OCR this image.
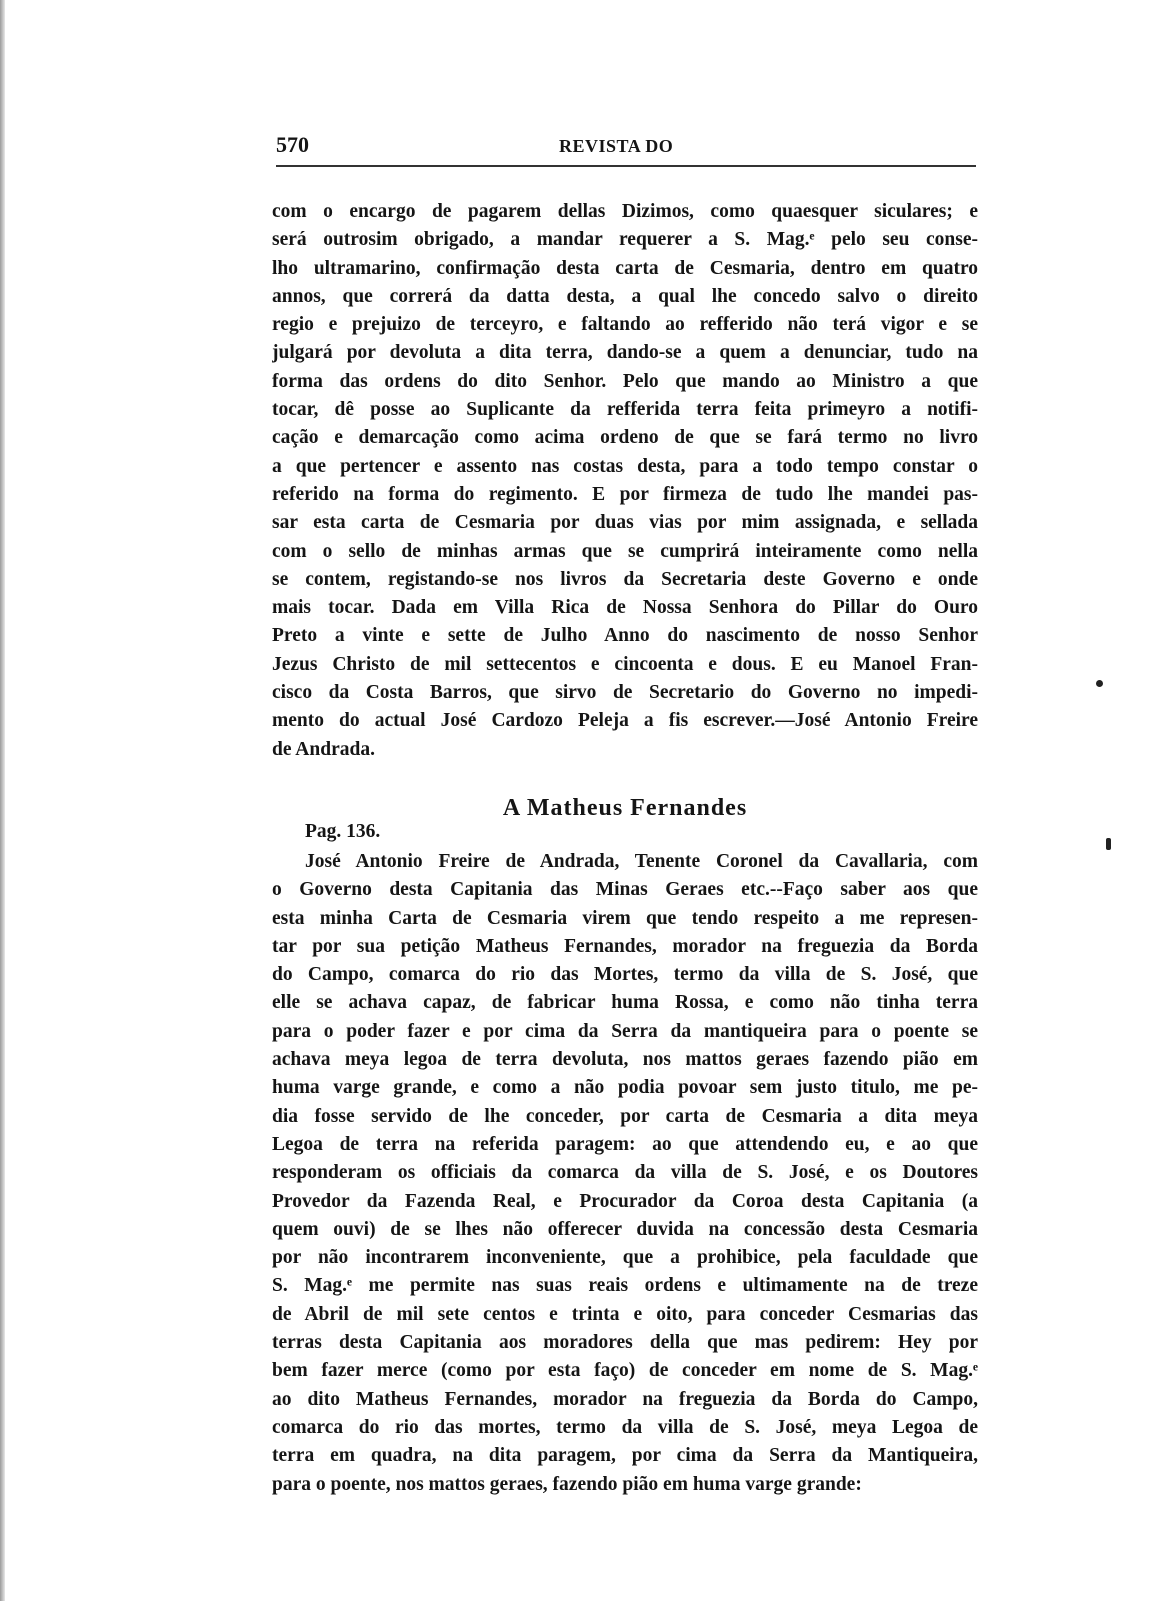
570	REVISTA DO
com o encargo de pagarem dellas Dizimos, como quaesquer siculares; e
será outrosim obrigado, a mandar requerer a S. Mag.ᵉ pelo seu conse-
lho ultramarino, confirmação desta carta de Cesmaria, dentro em quatro
annos, que correrá da datta desta, a qual lhe concedo salvo o direito
regio e prejuizo de terceyro, e faltando ao refferido não terá vigor e se
julgará por devoluta a dita terra, dando-se a quem a denunciar, tudo na
forma das ordens do dito Senhor. Pelo que mando ao Ministro a que
tocar, dê posse ao Suplicante da refferida terra feita primeyro a notifi-
cação e demarcação como acima ordeno de que se fará termo no livro
a que pertencer e assento nas costas desta, para a todo tempo constar o
referido na forma do regimento. E por firmeza de tudo lhe mandei pas-
sar esta carta de Cesmaria por duas vias por mim assignada, e sellada
com o sello de minhas armas que se cumprirá inteiramente como nella
se contem, registando-se nos livros da Secretaria deste Governo e onde
mais tocar. Dada em Villa Rica de Nossa Senhora do Pillar do Ouro
Preto a vinte e sette de Julho Anno do nascimento de nosso Senhor
Jezus Christo de mil settecentos e cincoenta e dous. E eu Manoel Fran-
cisco da Costa Barros, que sirvo de Secretario do Governo no impedi-
mento do actual José Cardozo Peleja a fis escrever.—José Antonio Freire
de Andrada.
A Matheus Fernandes
Pag. 136.
José Antonio Freire de Andrada, Tenente Coronel da Cavallaria, com
o Governo desta Capitania das Minas Geraes etc.--Faço saber aos que
esta minha Carta de Cesmaria virem que tendo respeito a me represen-
tar por sua petição Matheus Fernandes, morador na freguezia da Borda
do Campo, comarca do rio das Mortes, termo da villa de S. José, que
elle se achava capaz, de fabricar huma Rossa, e como não tinha terra
para o poder fazer e por cima da Serra da mantiqueira para o poente se
achava meya legoa de terra devoluta, nos mattos geraes fazendo pião em
huma varge grande, e como a não podia povoar sem justo titulo, me pe-
dia fosse servido de lhe conceder, por carta de Cesmaria a dita meya
Legoa de terra na referida paragem: ao que attendendo eu, e ao que
responderam os officiais da comarca da villa de S. José, e os Doutores
Provedor da Fazenda Real, e Procurador da Coroa desta Capitania (a
quem ouvi) de se lhes não offerecer duvida na concessão desta Cesmaria
por não incontrarem inconveniente, que a prohibice, pela faculdade que
S. Mag.ᵉ me permite nas suas reais ordens e ultimamente na de treze
de Abril de mil sete centos e trinta e oito, para conceder Cesmarias das
terras desta Capitania aos moradores della que mas pedirem: Hey por
bem fazer merce (como por esta faço) de conceder em nome de S. Mag.ᵉ
ao dito Matheus Fernandes, morador na freguezia da Borda do Campo,
comarca do rio das mortes, termo da villa de S. José, meya Legoa de
terra em quadra, na dita paragem, por cima da Serra da Mantiqueira,
para o poente, nos mattos geraes, fazendo pião em huma varge grande:
